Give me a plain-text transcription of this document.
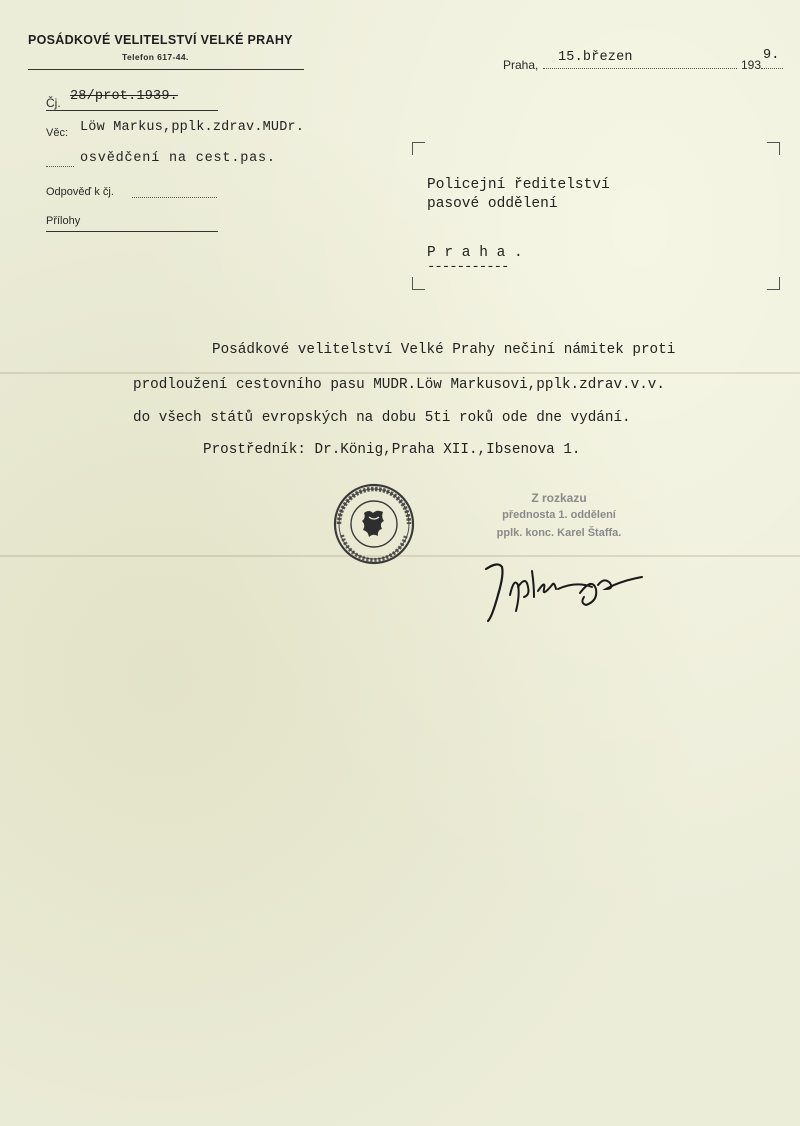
POSÁDKOVÉ VELITELSTVÍ VELKÉ PRAHY
Telefon 617-44.
Praha, 15.březen	193
9.
Čj. 28/prot.1939.
Věc: Löw Markus,pplk.zdrav.MUDr.
osvědčení na cest.pas.
Odpověď k čj.
Přílohy
Policejní ředitelství
pasové oddělení
P r a h a .
-----------
Posádkové velitelství Velké Prahy nečiní námitek proti
prodloužení cestovního pasu MUDR.Löw Markusovi,pplk.zdrav.v.v.
do všech států evropských na dobu 5ti roků ode dne vydání.
Prostředník: Dr.König,Praha XII.,Ibsenova 1.
Z rozkazu
přednosta 1. oddělení
pplk. konc. Karel Štaffa.
